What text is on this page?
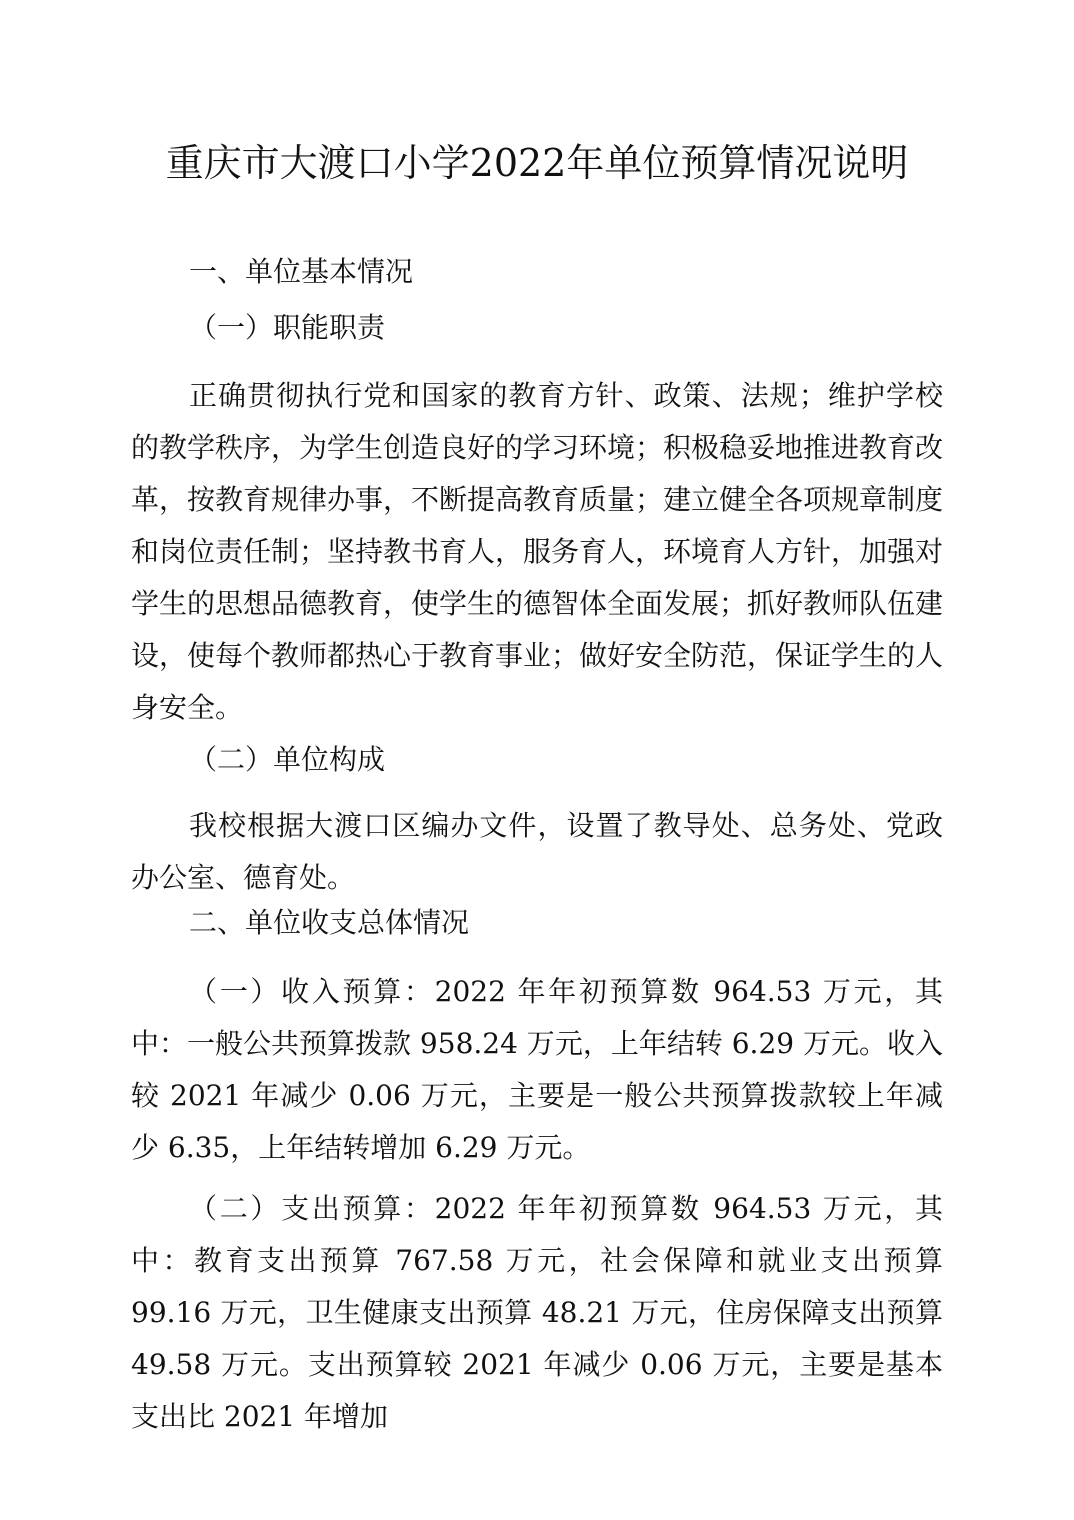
重庆市大渡口小学2022年单位预算情况说明
一、单位基本情况
（一）职能职责

正确贯彻执行党和国家的教育方针、政策、法规；维护学校的教学秩序，为学生创造良好的学习环境；积极稳妥地推进教育改革，按教育规律办事，不断提高教育质量；建立健全各项规章制度和岗位责任制；坚持教书育人，服务育人，环境育人方针，加强对学生的思想品德教育，使学生的德智体全面发展；抓好教师队伍建设，使每个教师都热心于教育事业；做好安全防范，保证学生的人身安全。

（二）单位构成

我校根据大渡口区编办文件，设置了教导处、总务处、党政办公室、德育处。

二、单位收支总体情况

（一）收入预算：2022 年年初预算数 964.53 万元，其中：一般公共预算拨款 958.24 万元，上年结转 6.29 万元。收入较 2021 年减少 0.06 万元，主要是一般公共预算拨款较上年减少 6.35，上年结转增加 6.29 万元。

（二）支出预算：2022 年年初预算数 964.53 万元，其中：教育支出预算 767.58 万元，社会保障和就业支出预算 99.16 万元，卫生健康支出预算 48.21 万元，住房保障支出预算 49.58 万元。支出预算较 2021 年减少 0.06 万元，主要是基本支出比 2021 年增加
